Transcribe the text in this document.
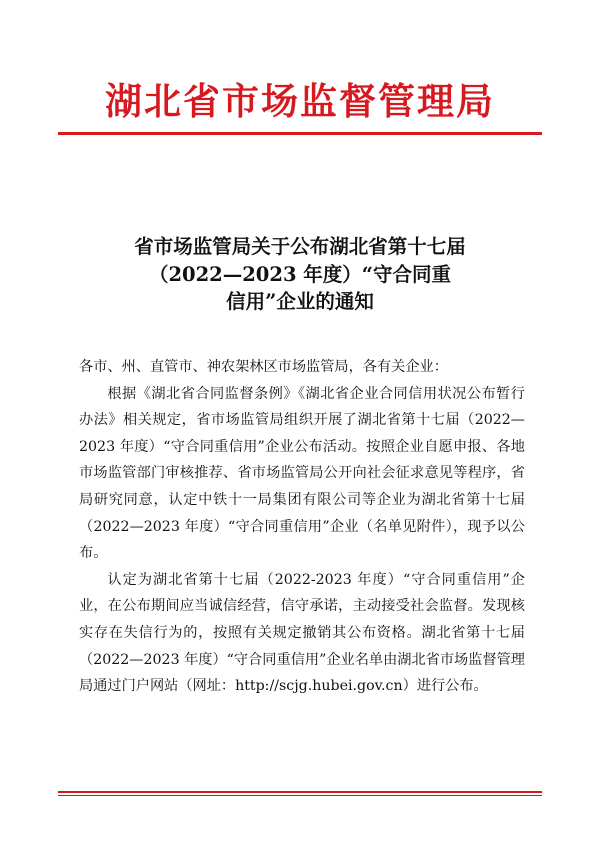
湖北省市场监督管理局
省市场监管局关于公布湖北省第十七届
（2022—2023 年度）“守合同重
信用”企业的通知
各市、州、直管市、神农架林区市场监管局，各有关企业：

根据《湖北省合同监督条例》《湖北省企业合同信用状况公布暂行办法》相关规定，省市场监管局组织开展了湖北省第十七届（2022—2023 年度）“守合同重信用”企业公布活动。按照企业自愿申报、各地市场监管部门审核推荐、省市场监管局公开向社会征求意见等程序，省局研究同意，认定中铁十一局集团有限公司等企业为湖北省第十七届（2022—2023 年度）“守合同重信用”企业（名单见附件），现予以公布。

认定为湖北省第十七届（2022-2023 年度）“守合同重信用”企业，在公布期间应当诚信经营，信守承诺，主动接受社会监督。发现核实存在失信行为的，按照有关规定撤销其公布资格。湖北省第十七届（2022—2023 年度）“守合同重信用”企业名单由湖北省市场监督管理局通过门户网站（网址：http://scjg.hubei.gov.cn）进行公布。
